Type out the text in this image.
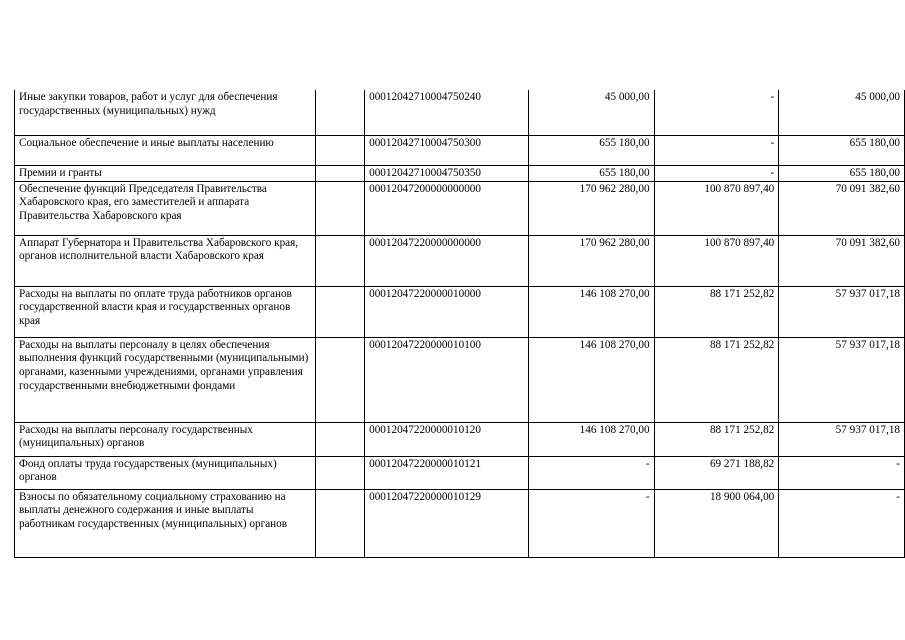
Иные закупки товаров, работ и услуг для обеспечения государственных (муниципальных) нужд		00012042710004750240	45 000,00	-	45 000,00
Социальное обеспечение и иные выплаты населению		00012042710004750300	655 180,00	-	655 180,00
Премии и гранты		00012042710004750350	655 180,00	-	655 180,00
Обеспечение функций Председателя Правительства Хабаровского края, его заместителей и аппарата Правительства Хабаровского края		00012047200000000000	170 962 280,00	100 870 897,40	70 091 382,60
Аппарат Губернатора и Правительства Хабаровского края, органов исполнительной власти Хабаровского края		00012047220000000000	170 962 280,00	100 870 897,40	70 091 382,60
Расходы на выплаты по оплате труда работников органов государственной власти края и государственных органов края		00012047220000010000	146 108 270,00	88 171 252,82	57 937 017,18
Расходы на выплаты персоналу в целях обеспечения выполнения функций государственными (муниципальными) органами, казенными учреждениями, органами управления государственными внебюджетными фондами		00012047220000010100	146 108 270,00	88 171 252,82	57 937 017,18
Расходы на выплаты персоналу государственных (муниципальных) органов		00012047220000010120	146 108 270,00	88 171 252,82	57 937 017,18
Фонд оплаты труда государственых (муниципальных) органов		00012047220000010121	-	69 271 188,82	-
Взносы по обязательному социальному страхованию на выплаты денежного содержания и иные выплаты работникам государственных (муниципальных) органов		00012047220000010129	-	18 900 064,00	-
